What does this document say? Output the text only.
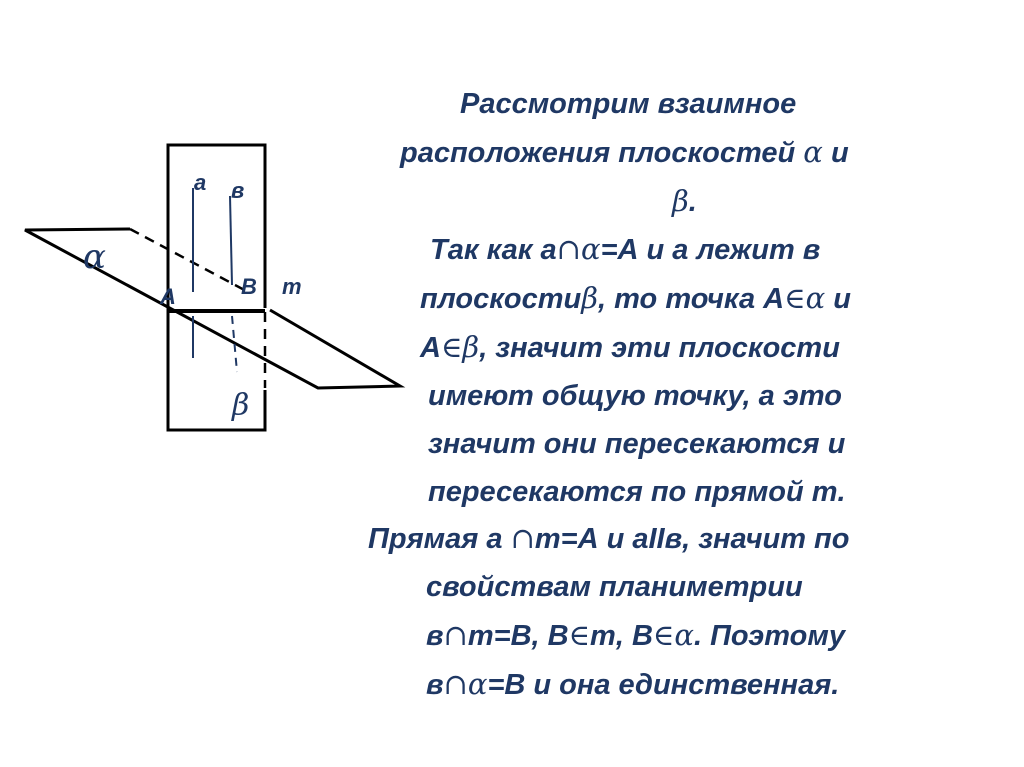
а в
А	В m
α
β
Рассмотрим взаимное
расположения плоскостей α и
β.
Так как а∩α=А и а лежит в
плоскостиβ, то точка А∈α и
А∈β, значит эти плоскости
имеют общую точку, а это
значит они пересекаются и
пересекаются по прямой m.
Прямая а ∩m=А и аIIв, значит по
свойствам планиметрии
в∩m=В, В∈m, В∈α. Поэтому
в∩α=В и она единственная.
